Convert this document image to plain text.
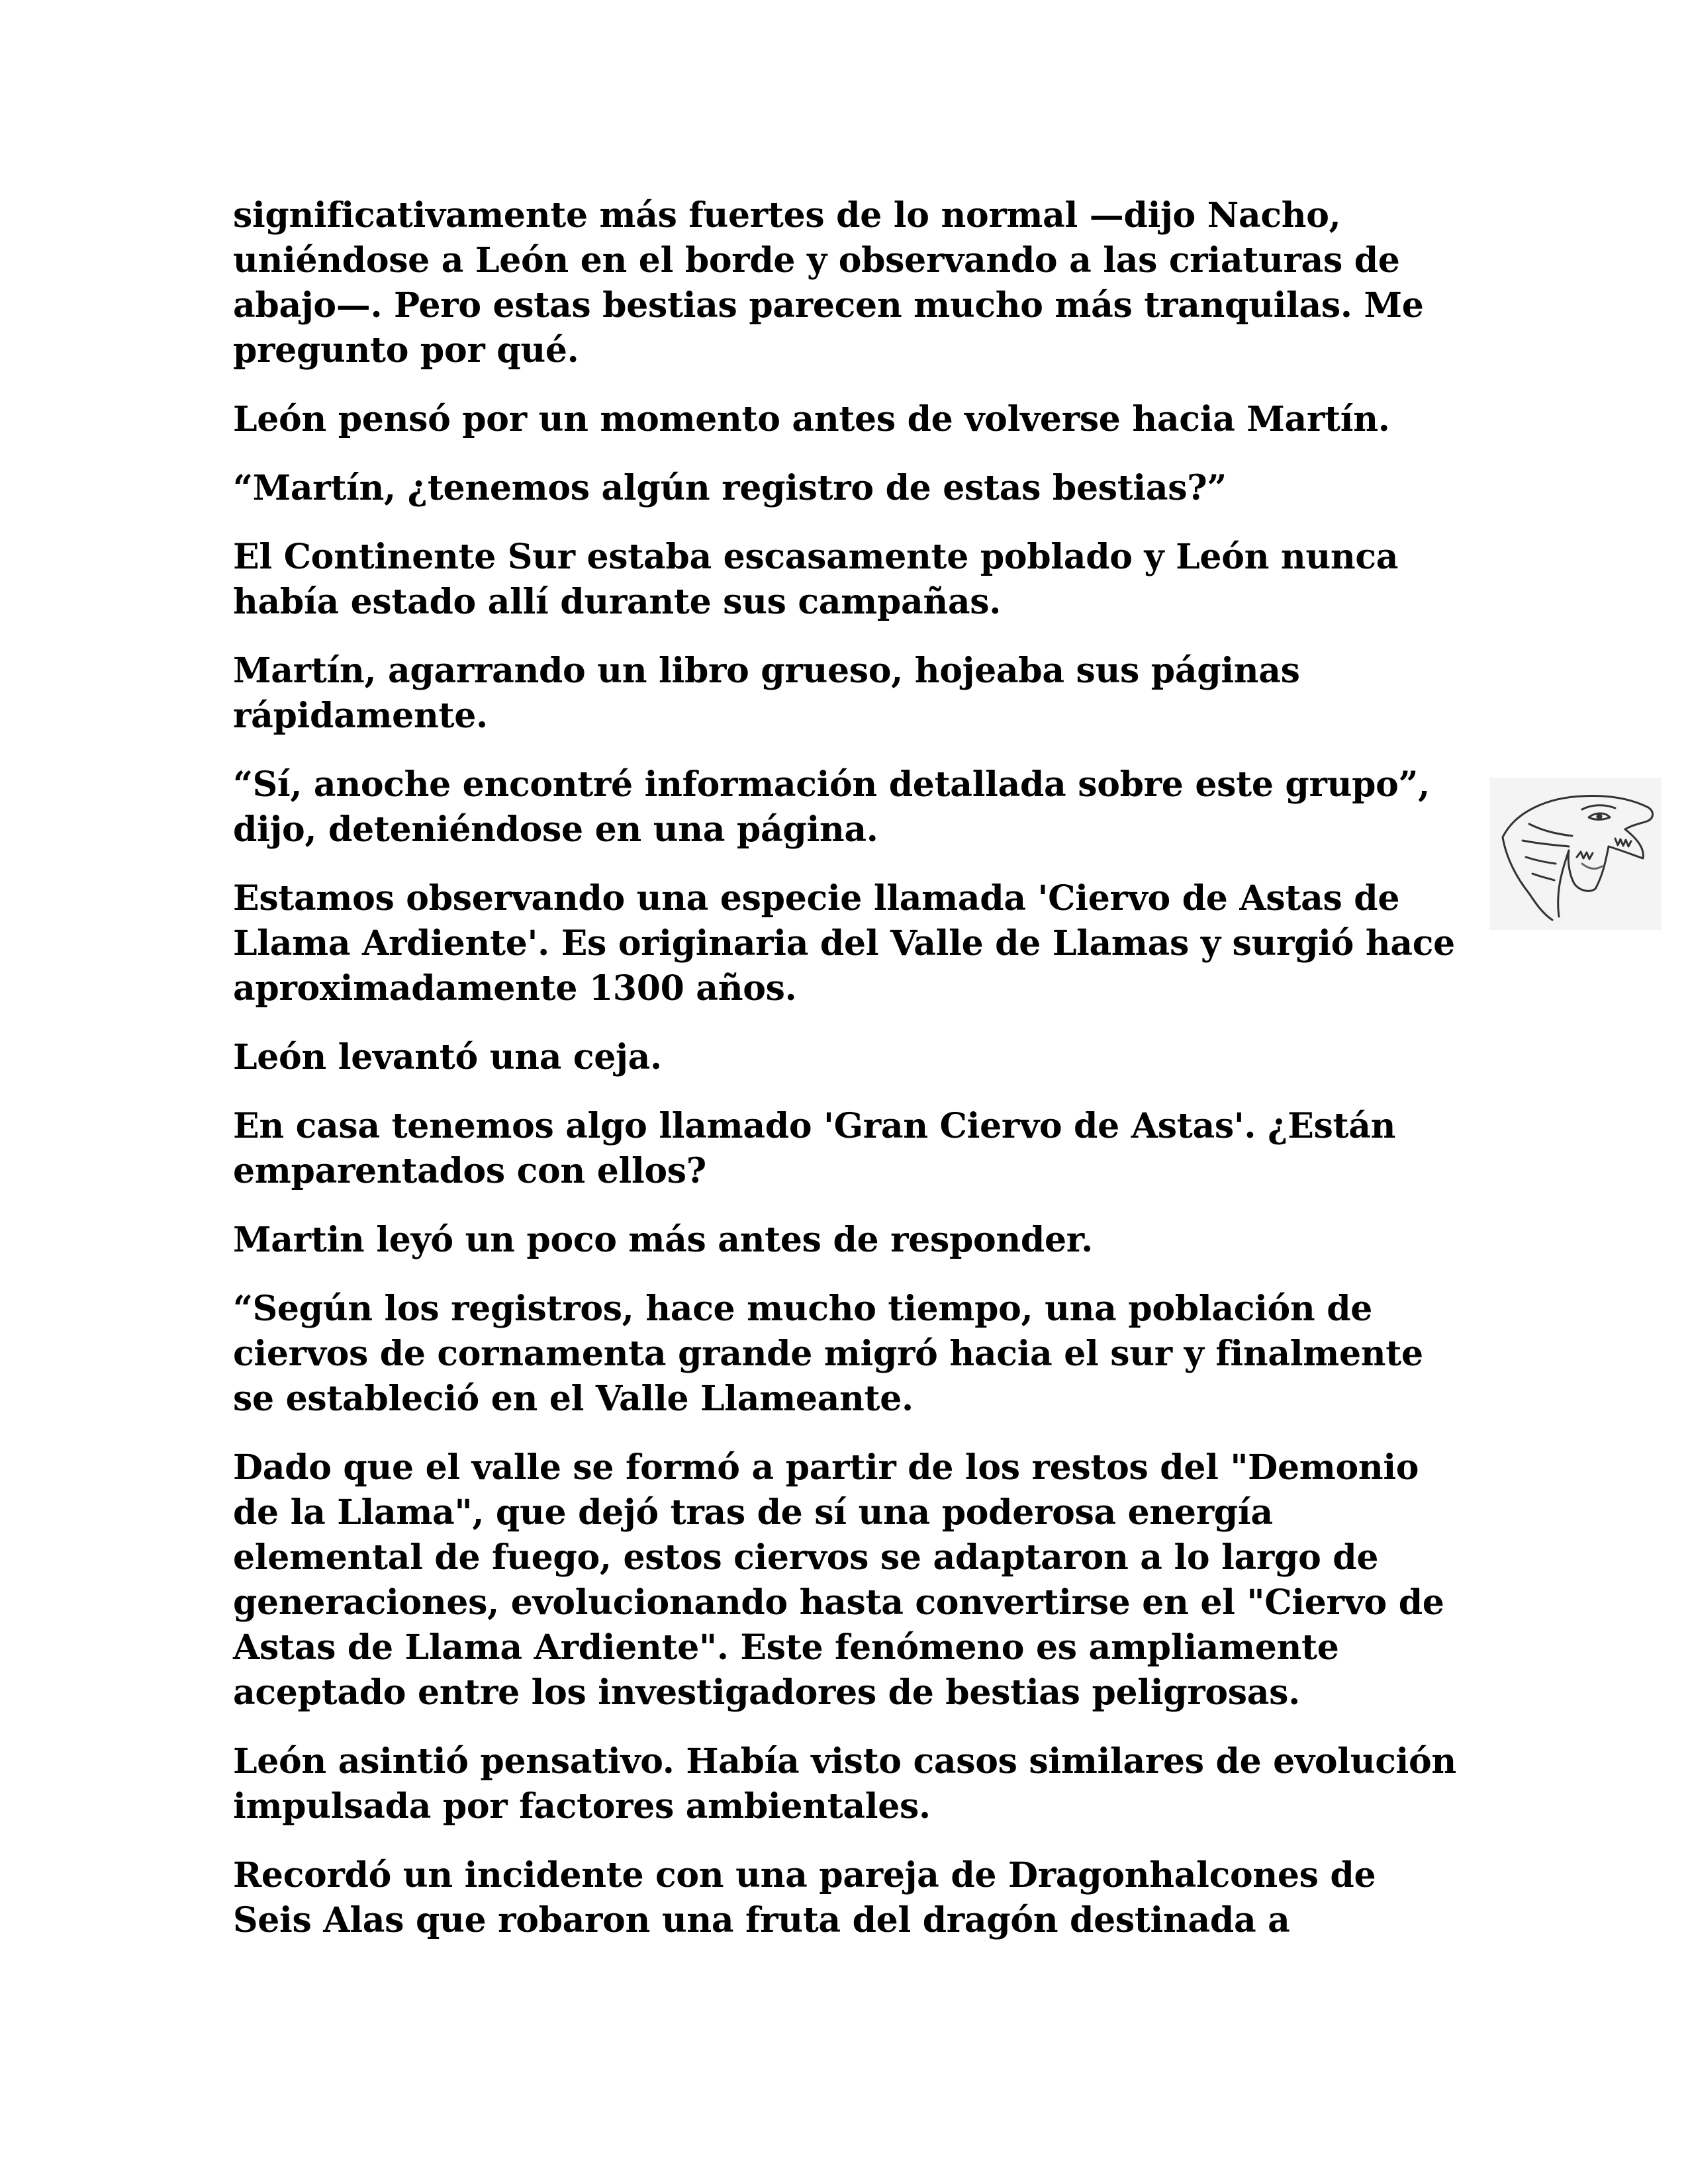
significativamente más fuertes de lo normal —dijo Nacho, uniéndose a León en el borde y observando a las criaturas de abajo—. Pero estas bestias parecen mucho más tranquilas. Me pregunto por qué.

León pensó por un momento antes de volverse hacia Martín.

“Martín, ¿tenemos algún registro de estas bestias?”

El Continente Sur estaba escasamente poblado y León nunca había estado allí durante sus campañas.

Martín, agarrando un libro grueso, hojeaba sus páginas rápidamente.

“Sí, anoche encontré información detallada sobre este grupo”, dijo, deteniéndose en una página.

Estamos observando una especie llamada 'Ciervo de Astas de Llama Ardiente'. Es originaria del Valle de Llamas y surgió hace aproximadamente 1300 años.

León levantó una ceja.

En casa tenemos algo llamado 'Gran Ciervo de Astas'. ¿Están emparentados con ellos?

Martin leyó un poco más antes de responder.

“Según los registros, hace mucho tiempo, una población de ciervos de cornamenta grande migró hacia el sur y finalmente se estableció en el Valle Llameante.

Dado que el valle se formó a partir de los restos del "Demonio de la Llama", que dejó tras de sí una poderosa energía elemental de fuego, estos ciervos se adaptaron a lo largo de generaciones, evolucionando hasta convertirse en el "Ciervo de Astas de Llama Ardiente". Este fenómeno es ampliamente aceptado entre los investigadores de bestias peligrosas.

León asintió pensativo. Había visto casos similares de evolución impulsada por factores ambientales.

Recordó un incidente con una pareja de Dragonhalcones de Seis Alas que robaron una fruta del dragón destinada a
